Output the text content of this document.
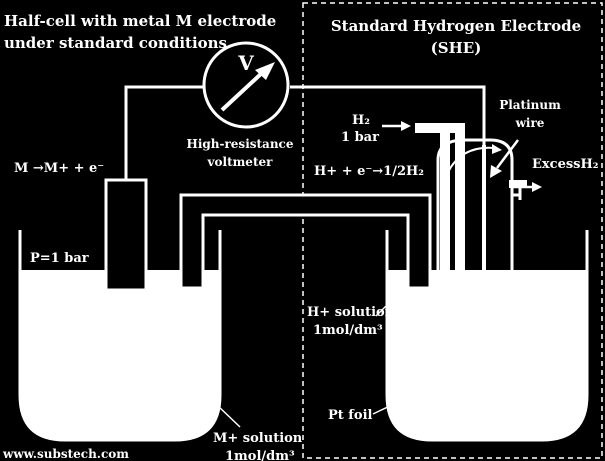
V
Half-cell with metal M electrode
under standard conditions
Standard Hydrogen Electrode
(SHE)
High-resistance
voltmeter
M →M+ + e⁻
P=1 bar
T=298K
M+ solution
1mol/dm³
H₂
1 bar
Platinum
wire
ExcessH₂
H+ + e⁻→1/2H₂
T=298K
H+ solution
1mol/dm³
Pt foil
www.substech.com
